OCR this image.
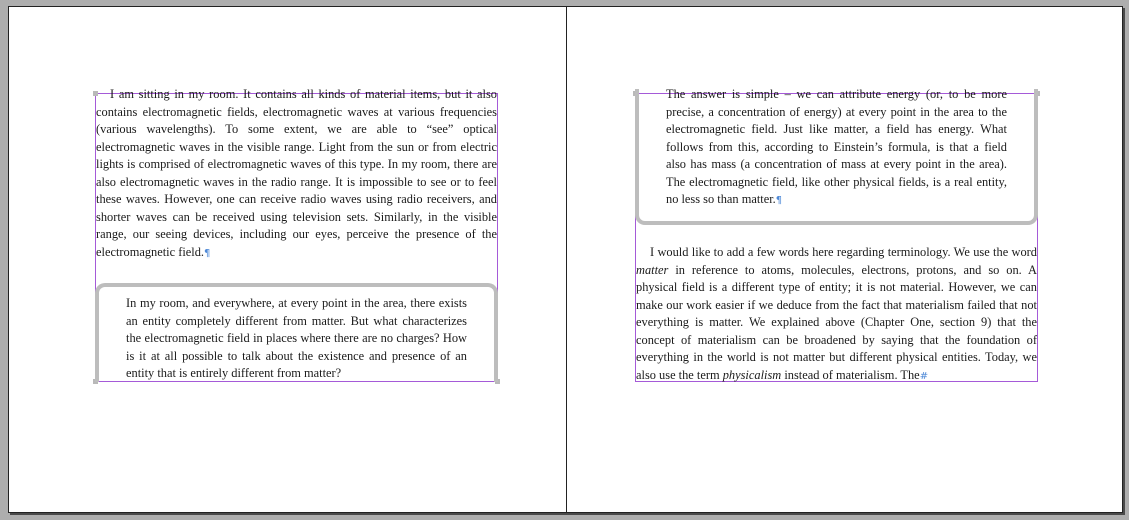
I am sitting in my room. It contains all kinds of material items, but it also contains electromagnetic fields, electromagnetic waves at various frequencies (various wavelengths). To some extent, we are able to “see” optical electromagnetic waves in the visible range. Light from the sun or from electric lights is comprised of electromagnetic waves of this type. In my room, there are also electromagnetic waves in the radio range. It is impossible to see or to feel these waves. However, one can receive radio waves using radio receivers, and shorter waves can be received using television sets. Similarly, in the visible range, our seeing devices, including our eyes, perceive the presence of the electromagnetic field.¶

In my room, and everywhere, at every point in the area, there exists an entity completely different from matter. But what characterizes the electromagnetic field in places where there are no charges? How is it at all possible to talk about the existence and presence of an entity that is entirely different from matter?

The answer is simple – we can attribute energy (or, to be more precise, a concentration of energy) at every point in the area to the electromagnetic field. Just like matter, a field has energy. What follows from this, according to Einstein’s formula, is that a field also has mass (a concentration of mass at every point in the area). The electromagnetic field, like other physical fields, is a real entity, no less so than matter.¶

I would like to add a few words here regarding terminology. We use the word matter in reference to atoms, molecules, electrons, protons, and so on. A physical field is a different type of entity; it is not material. However, we can make our work easier if we deduce from the fact that materialism failed that not everything is matter. We explained above (Chapter One, section 9) that the concept of materialism can be broadened by saying that the foundation of everything in the world is not matter but different physical entities. Today, we also use the term physicalism instead of materialism. The#
